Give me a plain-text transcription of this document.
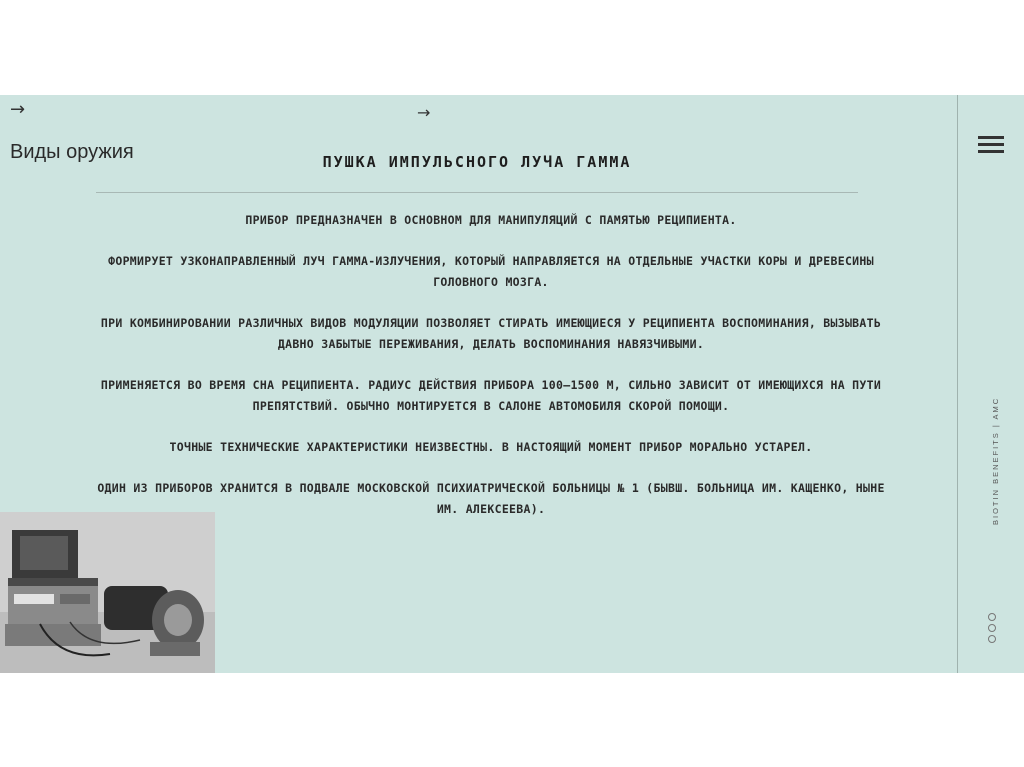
→	→
Виды оружия	ПУШКА ИМПУЛЬСНОГО ЛУЧА ГАММА

ПРИБОР ПРЕДНАЗНАЧЕН В ОСНОВНОМ ДЛЯ МАНИПУЛЯЦИЙ С ПАМЯТЬЮ РЕЦИПИЕНТА.

ФОРМИРУЕТ УЗКОНАПРАВЛЕННЫЙ ЛУЧ ГАММА-ИЗЛУЧЕНИЯ, КОТОРЫЙ НАПРАВЛЯЕТСЯ НА ОТДЕЛЬНЫЕ УЧАСТКИ КОРЫ И ДРЕВЕСИНЫ ГОЛОВНОГО МОЗГА.

ПРИ КОМБИНИРОВАНИИ РАЗЛИЧНЫХ ВИДОВ МОДУЛЯЦИИ ПОЗВОЛЯЕТ СТИРАТЬ ИМЕЮЩИЕСЯ У РЕЦИПИЕНТА ВОСПОМИНАНИЯ, ВЫЗЫВАТЬ ДАВНО ЗАБЫТЫЕ ПЕРЕЖИВАНИЯ, ДЕЛАТЬ ВОСПОМИНАНИЯ НАВЯЗЧИВЫМИ.

ПРИМЕНЯЕТСЯ ВО ВРЕМЯ СНА РЕЦИПИЕНТА. РАДИУС ДЕЙСТВИЯ ПРИБОРА 100—1500 М, СИЛЬНО ЗАВИСИТ ОТ ИМЕЮЩИХСЯ НА ПУТИ ПРЕПЯТСТВИЙ. ОБЫЧНО МОНТИРУЕТСЯ В САЛОНЕ АВТОМОБИЛЯ СКОРОЙ ПОМОЩИ.

ТОЧНЫЕ ТЕХНИЧЕСКИЕ ХАРАКТЕРИСТИКИ НЕИЗВЕСТНЫ. В НАСТОЯЩИЙ МОМЕНТ ПРИБОР МОРАЛЬНО УСТАРЕЛ.

ОДИН ИЗ ПРИБОРОВ ХРАНИТСЯ В ПОДВАЛЕ МОСКОВСКОЙ ПСИХИАТРИЧЕСКОЙ БОЛЬНИЦЫ № 1 (БЫВШ. БОЛЬНИЦА ИМ. КАЩЕНКО, НЫНЕ ИМ. АЛЕКСЕЕВА).	BIOTIN BENEFITS | AMC
